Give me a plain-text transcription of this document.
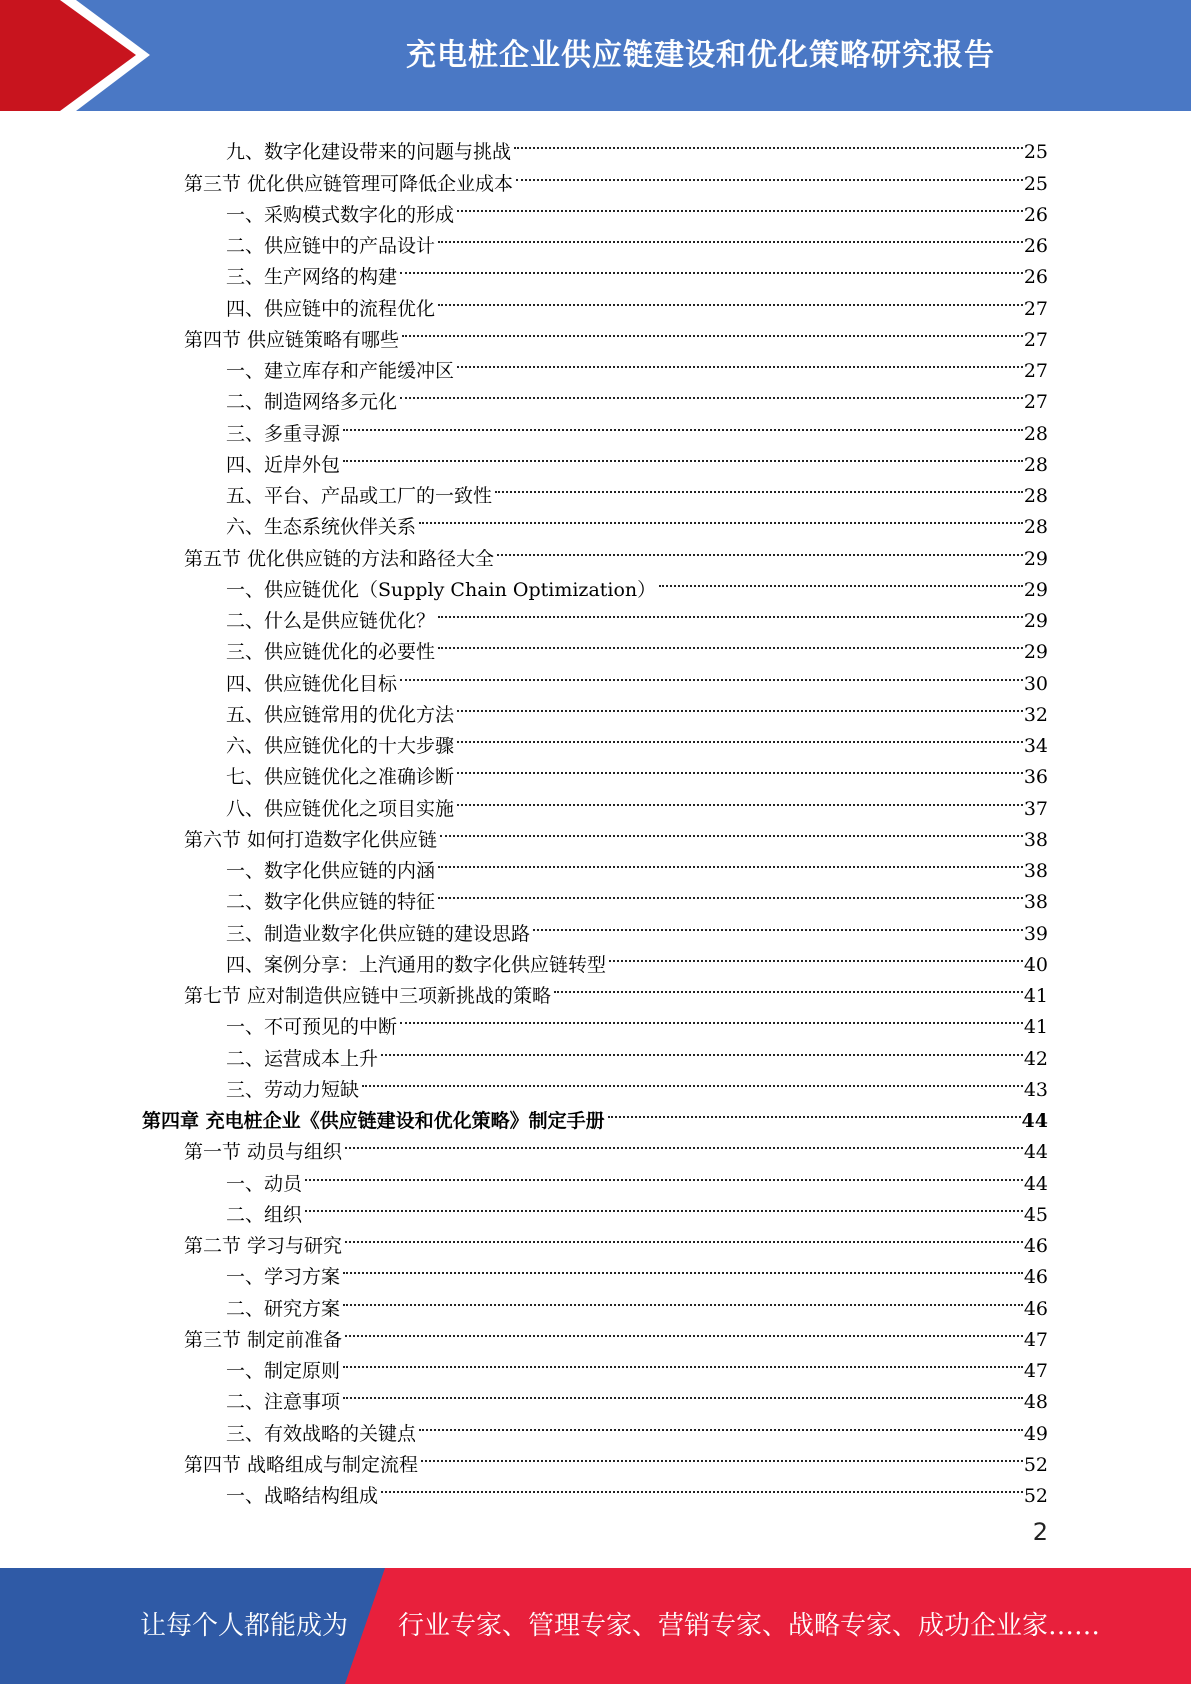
充电桩企业供应链建设和优化策略研究报告
九、数字化建设带来的问题与挑战	25
第三节 优化供应链管理可降低企业成本	25
一、采购模式数字化的形成	26
二、供应链中的产品设计	26
三、生产网络的构建	26
四、供应链中的流程优化	27
第四节 供应链策略有哪些	27
一、建立库存和产能缓冲区	27
二、制造网络多元化	27
三、多重寻源	28
四、近岸外包	28
五、平台、产品或工厂的一致性	28
六、生态系统伙伴关系	28
第五节 优化供应链的方法和路径大全	29
一、供应链优化（Supply Chain Optimization）	29
二、什么是供应链优化？	29
三、供应链优化的必要性	29
四、供应链优化目标	30
五、供应链常用的优化方法	32
六、供应链优化的十大步骤	34
七、供应链优化之准确诊断	36
八、供应链优化之项目实施	37
第六节 如何打造数字化供应链	38
一、数字化供应链的内涵	38
二、数字化供应链的特征	38
三、制造业数字化供应链的建设思路	39
四、案例分享：上汽通用的数字化供应链转型	40
第七节 应对制造供应链中三项新挑战的策略	41
一、不可预见的中断	41
二、运营成本上升	42
三、劳动力短缺	43
第四章 充电桩企业《供应链建设和优化策略》制定手册	44
第一节 动员与组织	44
一、动员	44
二、组织	45
第二节 学习与研究	46
一、学习方案	46
二、研究方案	46
第三节 制定前准备	47
一、制定原则	47
二、注意事项	48
三、有效战略的关键点	49
第四节 战略组成与制定流程	52
一、战略结构组成	52
2
让每个人都能成为 行业专家、管理专家、营销专家、战略专家、成功企业家……
